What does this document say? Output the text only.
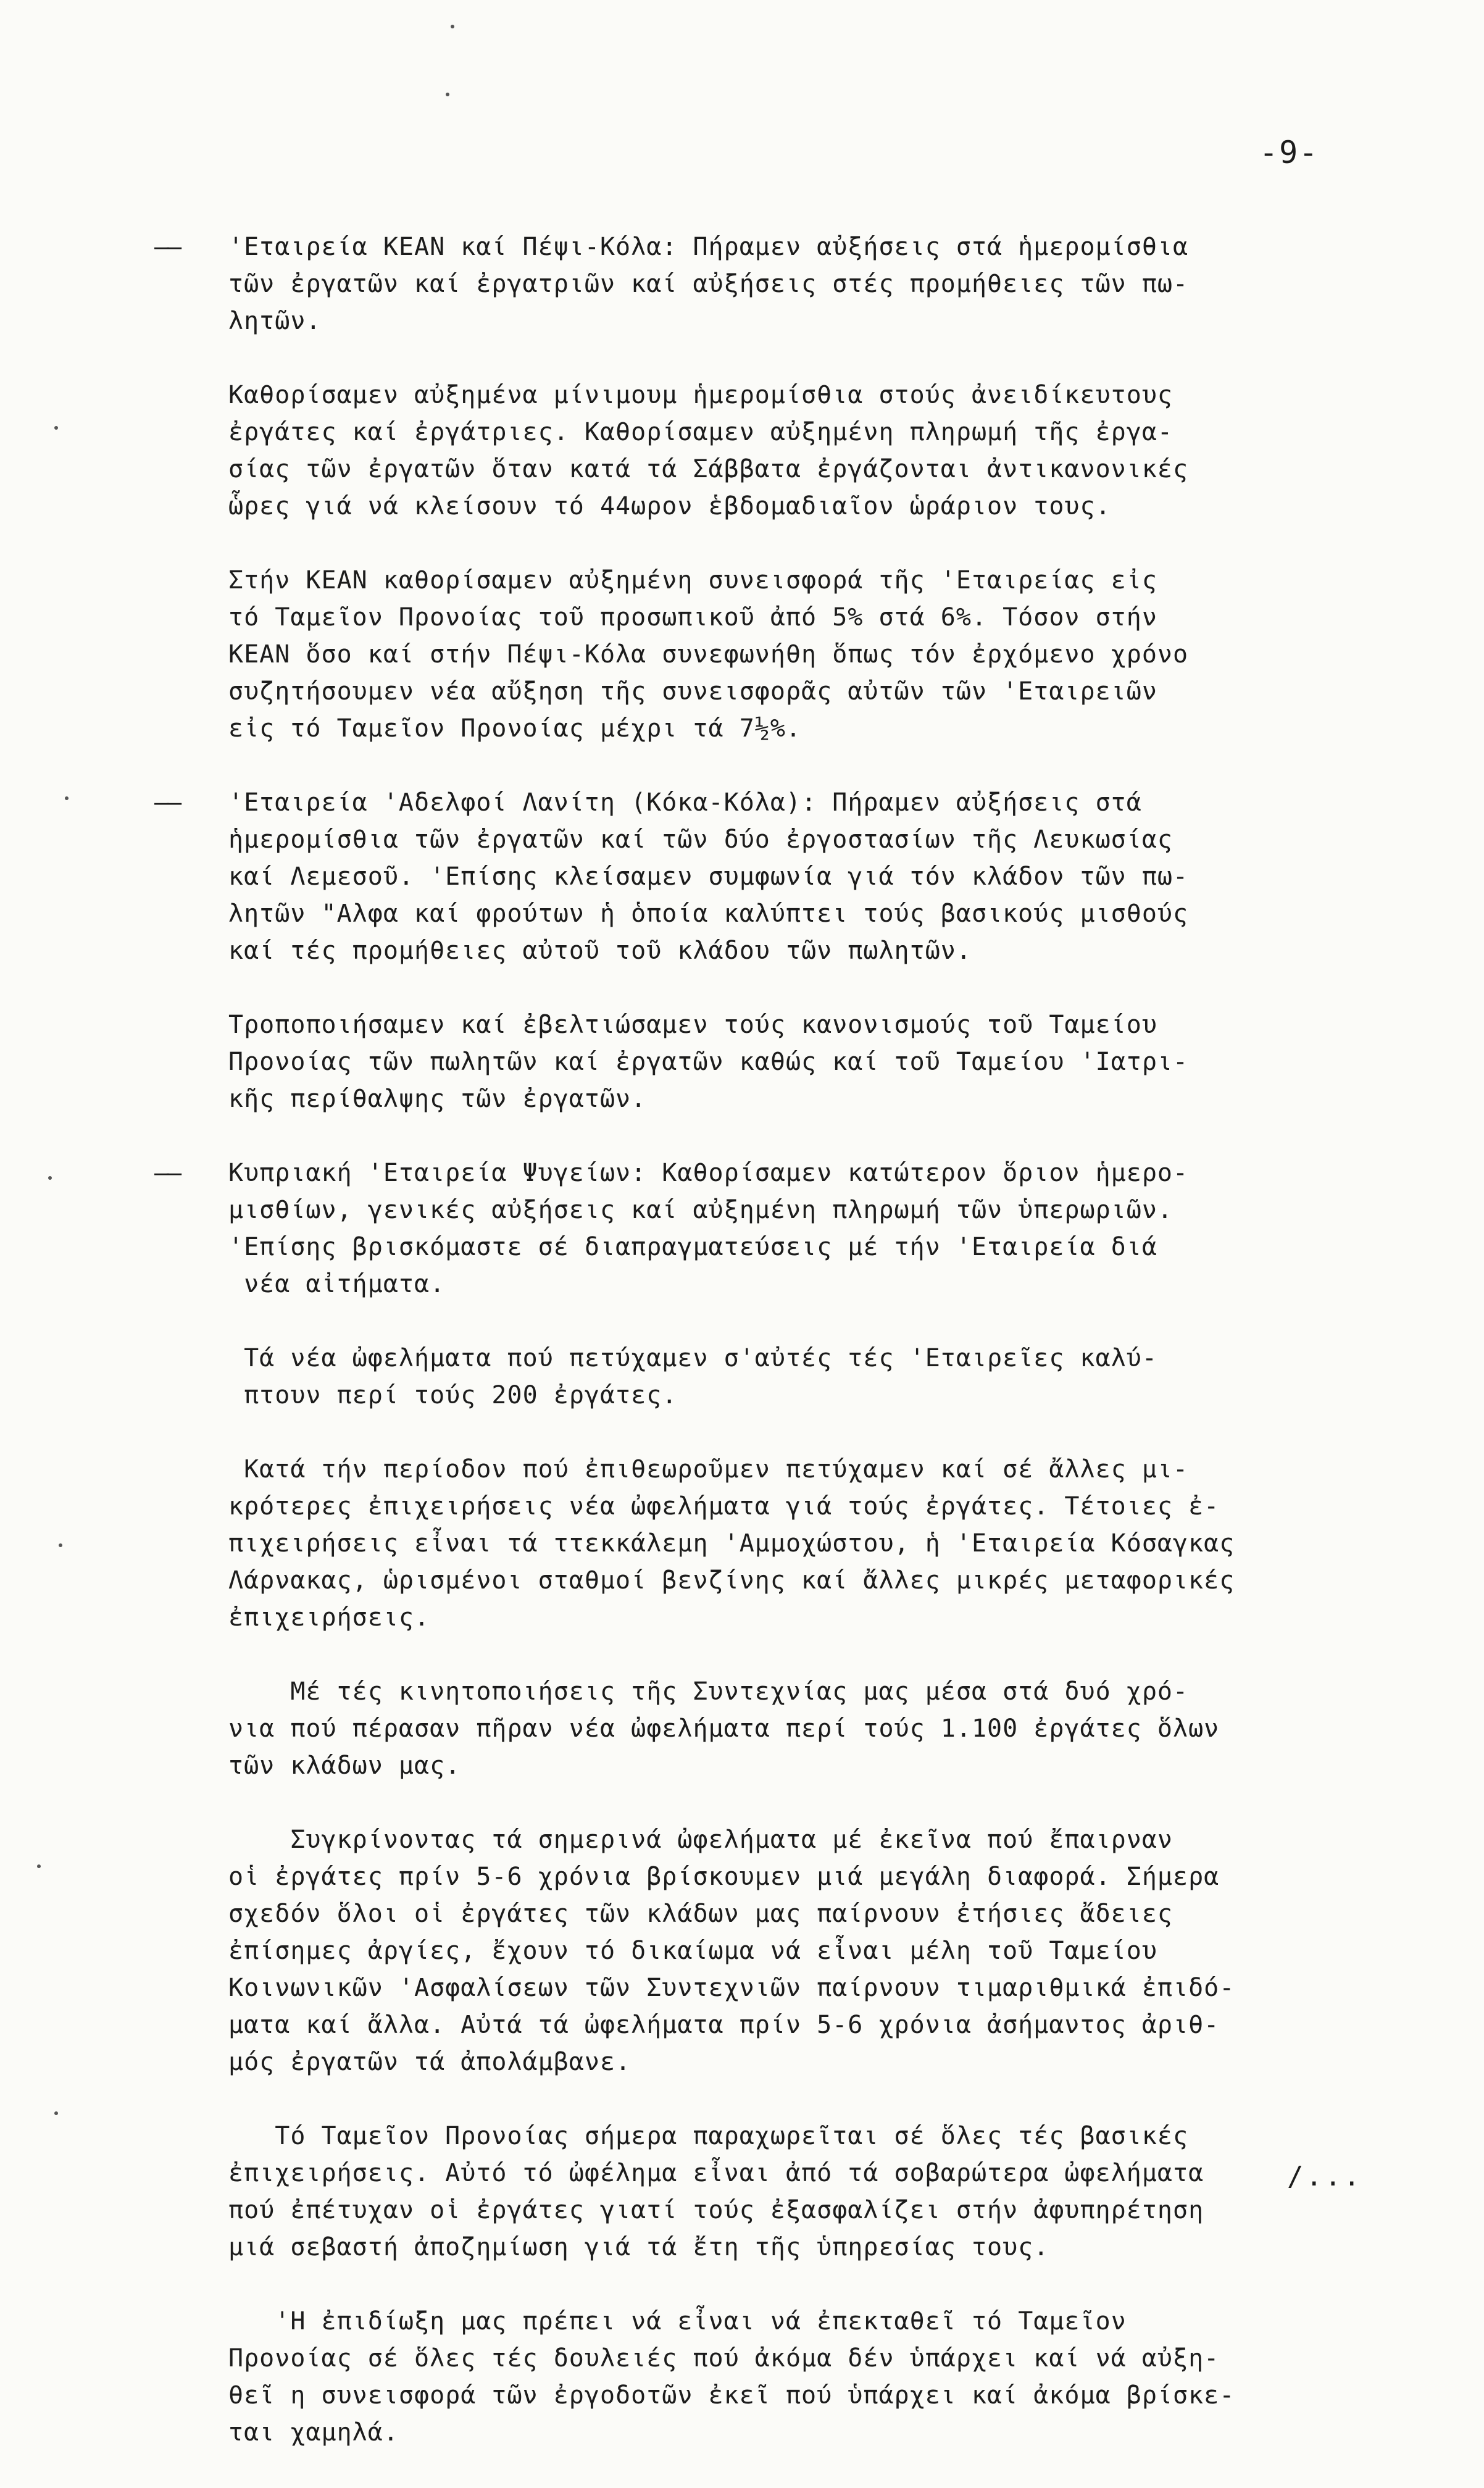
-9-

—— 'Εταιρεία ΚΕΑΝ καί Πέψι-Κόλα: Πήραμεν αὐξήσεις στά ἡμερομίσθια
τῶν ἐργατῶν καί ἐργατριῶν καί αὐξήσεις στές προμήθειες τῶν πω-
λητῶν.

Καθορίσαμεν αὐξημένα μίνιμουμ ἡμερομίσθια στούς ἀνειδίκευτους
ἐργάτες καί ἐργάτριες. Καθορίσαμεν αὐξημένη πληρωμή τῆς ἐργα-
σίας τῶν ἐργατῶν ὅταν κατά τά Σάββατα ἐργάζονται ἀντικανονικές
ὧρες γιά νά κλείσουν τό 44ωρον ἑβδομαδιαῖον ὡράριον τους.

Στήν ΚΕΑΝ καθορίσαμεν αὐξημένη συνεισφορά τῆς 'Εταιρείας εἰς
τό Ταμεῖον Προνοίας τοῦ προσωπικοῦ ἀπό 5% στά 6%. Τόσον στήν
ΚΕΑΝ ὅσο καί στήν Πέψι-Κόλα συνεφωνήθη ὅπως τόν ἐρχόμενο χρόνο
συζητήσουμεν νέα αὔξηση τῆς συνεισφορᾶς αὐτῶν τῶν 'Εταιρειῶν
εἰς τό Ταμεῖον Προνοίας μέχρι τά 7½%.

—— 'Εταιρεία 'Αδελφοί Λανίτη (Κόκα-Κόλα): Πήραμεν αὐξήσεις στά
ἡμερομίσθια τῶν ἐργατῶν καί τῶν δύο ἐργοστασίων τῆς Λευκωσίας
καί Λεμεσοῦ. 'Επίσης κλείσαμεν συμφωνία γιά τόν κλάδον τῶν πω-
λητῶν "Αλφα καί φρούτων ἡ ὁποία καλύπτει τούς βασικούς μισθούς
καί τές προμήθειες αὐτοῦ τοῦ κλάδου τῶν πωλητῶν.

Τροποποιήσαμεν καί ἐβελτιώσαμεν τούς κανονισμούς τοῦ Ταμείου
Προνοίας τῶν πωλητῶν καί ἐργατῶν καθώς καί τοῦ Ταμείου 'Ιατρι-
κῆς περίθαλψης τῶν ἐργατῶν.

—— Κυπριακή 'Εταιρεία Ψυγείων: Καθορίσαμεν κατώτερον ὅριον ἡμερο-
μισθίων, γενικές αὐξήσεις καί αὐξημένη πληρωμή τῶν ὑπερωριῶν.
'Επίσης βρισκόμαστε σέ διαπραγματεύσεις μέ τήν 'Εταιρεία διά
νέα αἰτήματα.

Τά νέα ὠφελήματα πού πετύχαμεν σ'αὐτές τές 'Εταιρεῖες καλύ-
πτουν περί τούς 200 ἐργάτες.

Κατά τήν περίοδον πού ἐπιθεωροῦμεν πετύχαμεν καί σέ ἄλλες μι-
κρότερες ἐπιχειρήσεις νέα ὠφελήματα γιά τούς ἐργάτες. Τέτοιες ἐ-
πιχειρήσεις εἶναι τά ττεκκάλεμη 'Αμμοχώστου, ἡ 'Εταιρεία Κόσαγκας
Λάρνακας, ὡρισμένοι σταθμοί βενζίνης καί ἄλλες μικρές μεταφορικές
ἐπιχειρήσεις.

Μέ τές κινητοποιήσεις τῆς Συντεχνίας μας μέσα στά δυό χρό-
νια πού πέρασαν πῆραν νέα ὠφελήματα περί τούς 1.100 ἐργάτες ὅλων
τῶν κλάδων μας.

Συγκρίνοντας τά σημερινά ὠφελήματα μέ ἐκεῖνα πού ἔπαιρναν
οἱ ἐργάτες πρίν 5-6 χρόνια βρίσκουμεν μιά μεγάλη διαφορά. Σήμερα
σχεδόν ὅλοι οἱ ἐργάτες τῶν κλάδων μας παίρνουν ἐτήσιες ἄδειες
ἐπίσημες ἀργίες, ἔχουν τό δικαίωμα νά εἶναι μέλη τοῦ Ταμείου
Κοινωνικῶν 'Ασφαλίσεων τῶν Συντεχνιῶν παίρνουν τιμαριθμικά ἐπιδό-
ματα καί ἄλλα. Αὐτά τά ὠφελήματα πρίν 5-6 χρόνια ἀσήμαντος ἀριθ-
μός ἐργατῶν τά ἀπολάμβανε.

Τό Ταμεῖον Προνοίας σήμερα παραχωρεῖται σέ ὅλες τές βασικές
ἐπιχειρήσεις. Αὐτό τό ὠφέλημα εἶναι ἀπό τά σοβαρώτερα ὠφελήματα
πού ἐπέτυχαν οἱ ἐργάτες γιατί τούς ἐξασφαλίζει στήν ἀφυπηρέτηση
μιά σεβαστή ἀποζημίωση γιά τά ἔτη τῆς ὑπηρεσίας τους.

'Η ἐπιδίωξη μας πρέπει νά εἶναι νά ἐπεκταθεῖ τό Ταμεῖον
Προνοίας σέ ὅλες τές δουλειές πού ἀκόμα δέν ὑπάρχει καί νά αὐξη-
θεῖ η συνεισφορά τῶν ἐργοδοτῶν ἐκεῖ πού ὑπάρχει καί ἀκόμα βρίσκε-
ται χαμηλά.

/...
